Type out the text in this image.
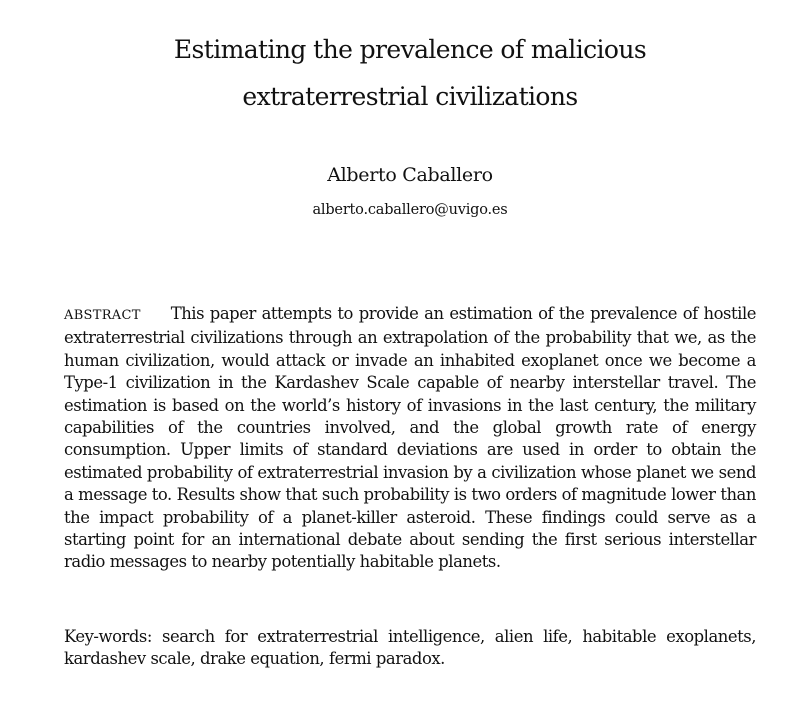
Estimating the prevalence of malicious
extraterrestrial civilizations
Alberto Caballero
alberto.caballero@uvigo.es

ABSTRACT This paper attempts to provide an estimation of the prevalence of hostile extraterrestrial civilizations through an extrapolation of the probability that we, as the human civilization, would attack or invade an inhabited exoplanet once we become a Type-1 civilization in the Kardashev Scale capable of nearby interstellar travel. The estimation is based on the world’s history of invasions in the last century, the military capabilities of the countries involved, and the global growth rate of energy consumption. Upper limits of standard deviations are used in order to obtain the estimated probability of extraterrestrial invasion by a civilization whose planet we send a message to. Results show that such probability is two orders of magnitude lower than the impact probability of a planet-killer asteroid. These findings could serve as a starting point for an international debate about sending the first serious interstellar radio messages to nearby potentially habitable planets.

Key-words: search for extraterrestrial intelligence, alien life, habitable exoplanets, kardashev scale, drake equation, fermi paradox.
